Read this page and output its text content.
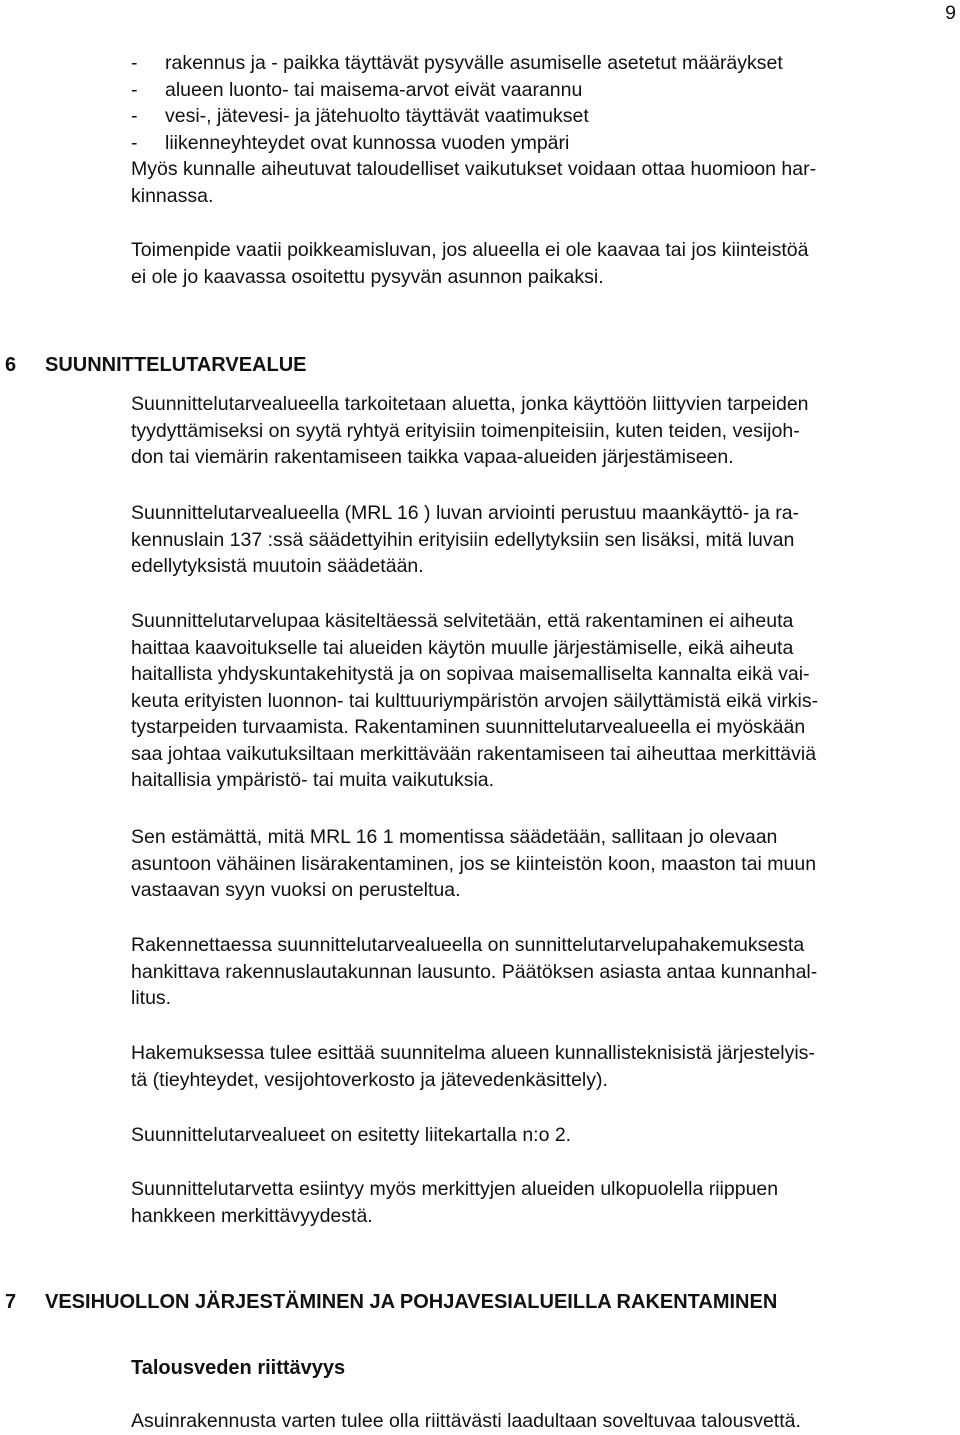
9
-	rakennus ja - paikka täyttävät pysyvälle asumiselle asetetut määräykset
-	alueen luonto- tai maisema-arvot eivät vaarannu
-	vesi-, jätevesi- ja jätehuolto täyttävät vaatimukset
-	liikenneyhteydet ovat kunnossa vuoden ympäri
Myös kunnalle aiheutuvat taloudelliset vaikutukset voidaan ottaa huomioon har-
kinnassa.
Toimenpide vaatii poikkeamisluvan, jos alueella ei ole kaavaa tai jos kiinteistöä
ei ole jo kaavassa osoitettu pysyvän asunnon paikaksi.
6 SUUNNITTELUTARVEALUE
Suunnittelutarvealueella tarkoitetaan aluetta, jonka käyttöön liittyvien tarpeiden
tyydyttämiseksi on syytä ryhtyä erityisiin toimenpiteisiin, kuten teiden, vesijoh-
don tai viemärin rakentamiseen taikka vapaa-alueiden järjestämiseen.
Suunnittelutarvealueella (MRL 16 ) luvan arviointi perustuu maankäyttö- ja ra-
kennuslain 137 :ssä säädettyihin erityisiin edellytyksiin sen lisäksi, mitä luvan
edellytyksistä muutoin säädetään.
Suunnittelutarvelupaa käsiteltäessä selvitetään, että rakentaminen ei aiheuta
haittaa kaavoitukselle tai alueiden käytön muulle järjestämiselle, eikä aiheuta
haitallista yhdyskuntakehitystä ja on sopivaa maisemalliselta kannalta eikä vai-
keuta erityisten luonnon- tai kulttuuriympäristön arvojen säilyttämistä eikä virkis-
tystarpeiden turvaamista. Rakentaminen suunnittelutarvealueella ei myöskään
saa johtaa vaikutuksiltaan merkittävään rakentamiseen tai aiheuttaa merkittäviä
haitallisia ympäristö- tai muita vaikutuksia.
Sen estämättä, mitä MRL 16 1 momentissa säädetään, sallitaan jo olevaan
asuntoon vähäinen lisärakentaminen, jos se kiinteistön koon, maaston tai muun
vastaavan syyn vuoksi on perusteltua.
Rakennettaessa suunnittelutarvealueella on sunnittelutarvelupahakemuksesta
hankittava rakennuslautakunnan lausunto. Päätöksen asiasta antaa kunnanhal-
litus.
Hakemuksessa tulee esittää suunnitelma alueen kunnallisteknisistä järjestelyis-
tä (tieyhteydet, vesijohtoverkosto ja jätevedenkäsittely).
Suunnittelutarvealueet on esitetty liitekartalla n:o 2.
Suunnittelutarvetta esiintyy myös merkittyjen alueiden ulkopuolella riippuen
hankkeen merkittävyydestä.
7 VESIHUOLLON JÄRJESTÄMINEN JA POHJAVESIALUEILLA RAKENTAMINEN
Talousveden riittävyys
Asuinrakennusta varten tulee olla riittävästi laadultaan soveltuvaa talousvettä.
